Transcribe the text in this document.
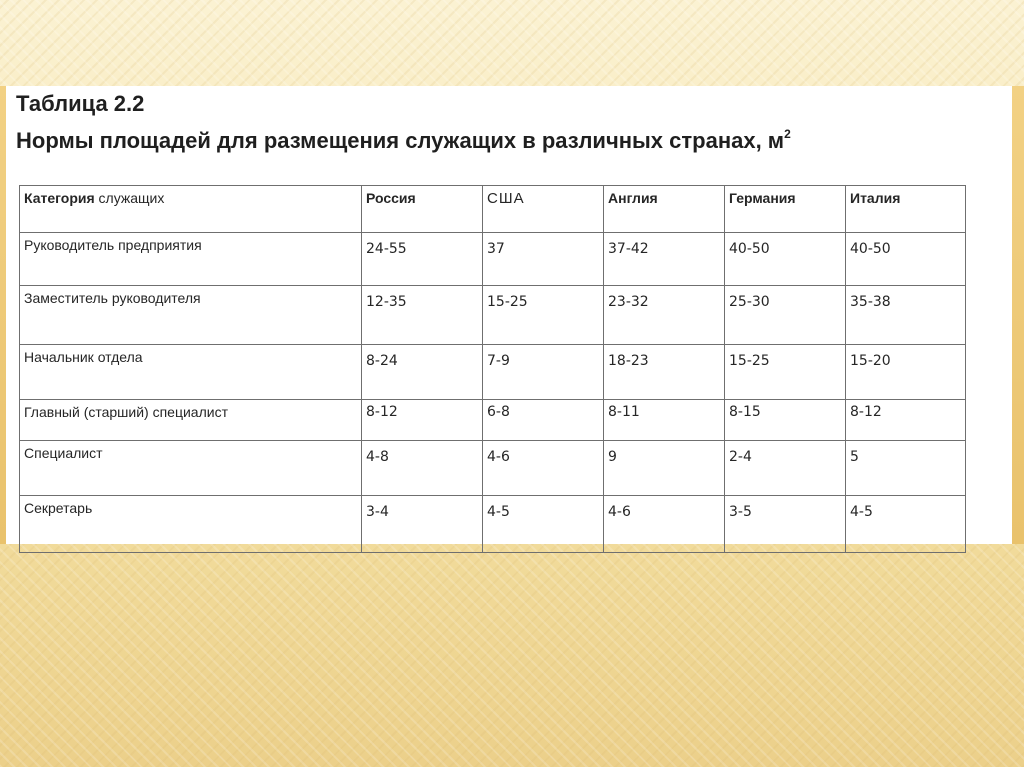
Таблица 2.2
Нормы площадей для размещения служащих в различных странах, $м^2$
Категория служащих	Россия	США	Англия	Германия	Италия
Руководитель предприятия	24-55	37	37-42	40-50	40-50
Заместитель руководителя	12-35	15-25	23-32	25-30	35-38
Начальник отдела	8-24	7-9	18-23	15-25	15-20
Главный (старший) специалист	8-12	6-8	8-11	8-15	8-12
Специалист	4-8	4-6	9	2-4	5
Секретарь	3-4	4-5	4-6	3-5	4-5
